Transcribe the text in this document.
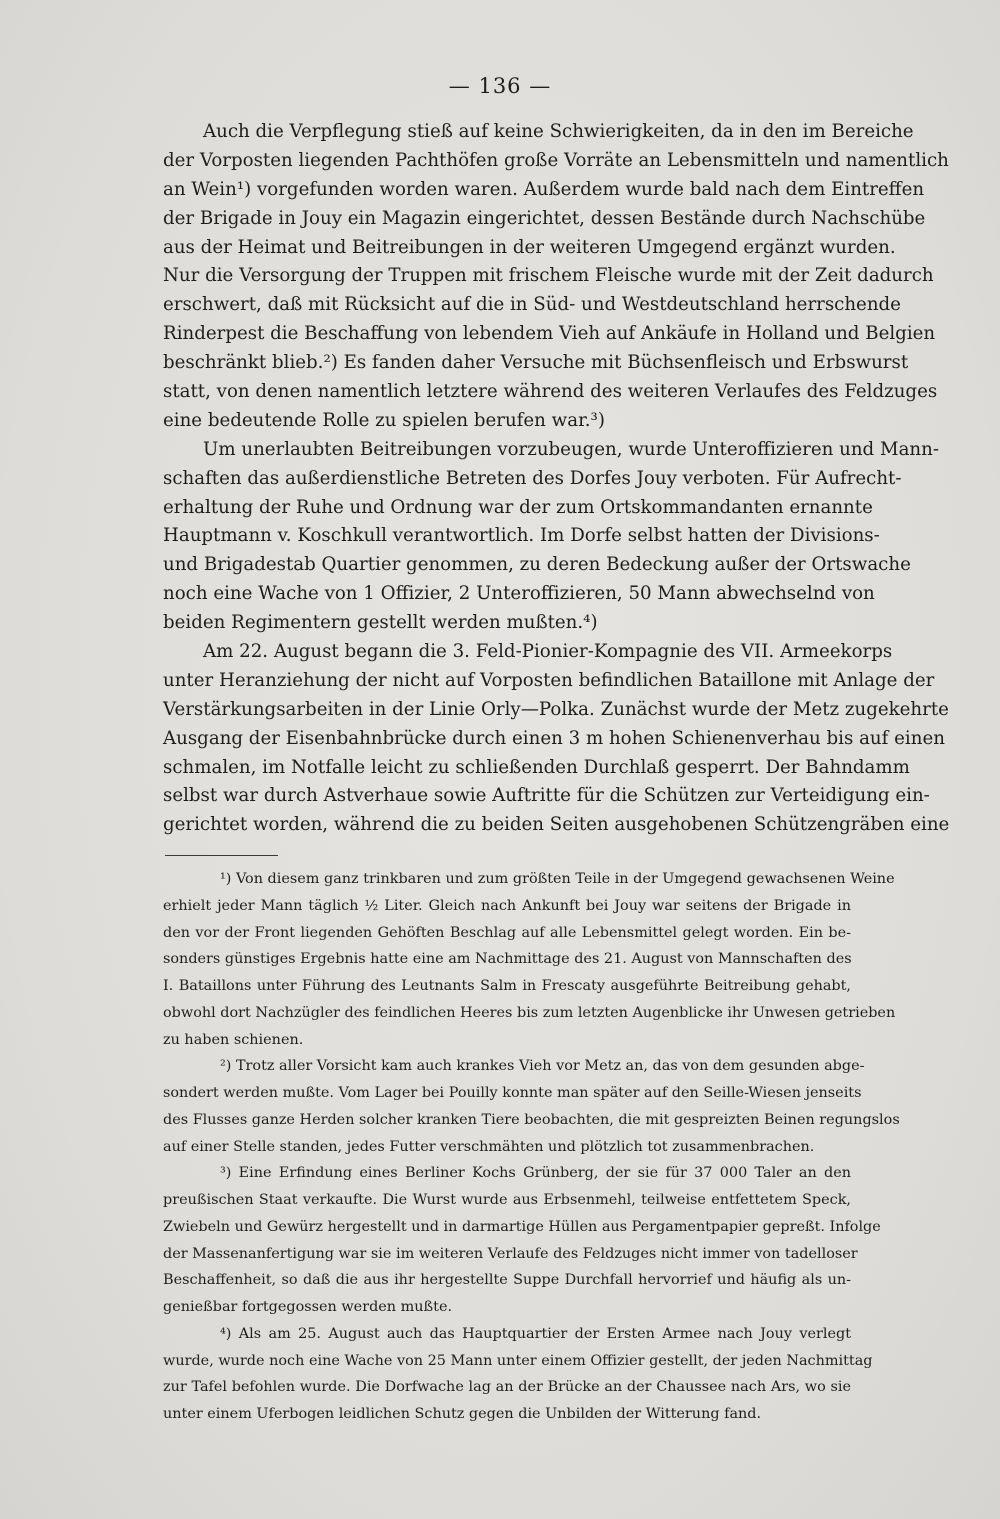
— 136 —
Auch die Verpflegung stieß auf keine Schwierigkeiten, da in den im Bereiche
der Vorposten liegenden Pachthöfen große Vorräte an Lebensmitteln und namentlich
an Wein¹) vorgefunden worden waren. Außerdem wurde bald nach dem Eintreffen
der Brigade in Jouy ein Magazin eingerichtet, dessen Bestände durch Nachschübe
aus der Heimat und Beitreibungen in der weiteren Umgegend ergänzt wurden.
Nur die Versorgung der Truppen mit frischem Fleische wurde mit der Zeit dadurch
erschwert, daß mit Rücksicht auf die in Süd- und Westdeutschland herrschende
Rinderpest die Beschaffung von lebendem Vieh auf Ankäufe in Holland und Belgien
beschränkt blieb.²) Es fanden daher Versuche mit Büchsenfleisch und Erbswurst
statt, von denen namentlich letztere während des weiteren Verlaufes des Feldzuges
eine bedeutende Rolle zu spielen berufen war.³)
Um unerlaubten Beitreibungen vorzubeugen, wurde Unteroffizieren und Mann-
schaften das außerdienstliche Betreten des Dorfes Jouy verboten. Für Aufrecht-
erhaltung der Ruhe und Ordnung war der zum Ortskommandanten ernannte
Hauptmann v. Koschkull verantwortlich. Im Dorfe selbst hatten der Divisions-
und Brigadestab Quartier genommen, zu deren Bedeckung außer der Ortswache
noch eine Wache von 1 Offizier, 2 Unteroffizieren, 50 Mann abwechselnd von
beiden Regimentern gestellt werden mußten.⁴)
Am 22. August begann die 3. Feld-Pionier-Kompagnie des VII. Armeekorps
unter Heranziehung der nicht auf Vorposten befindlichen Bataillone mit Anlage der
Verstärkungsarbeiten in der Linie Orly—Polka. Zunächst wurde der Metz zugekehrte
Ausgang der Eisenbahnbrücke durch einen 3 m hohen Schienenverhau bis auf einen
schmalen, im Notfalle leicht zu schließenden Durchlaß gesperrt. Der Bahndamm
selbst war durch Astverhaue sowie Auftritte für die Schützen zur Verteidigung ein-
gerichtet worden, während die zu beiden Seiten ausgehobenen Schützengräben eine
¹) Von diesem ganz trinkbaren und zum größten Teile in der Umgegend gewachsenen Weine
erhielt jeder Mann täglich ½ Liter. Gleich nach Ankunft bei Jouy war seitens der Brigade in
den vor der Front liegenden Gehöften Beschlag auf alle Lebensmittel gelegt worden. Ein be-
sonders günstiges Ergebnis hatte eine am Nachmittage des 21. August von Mannschaften des
I. Bataillons unter Führung des Leutnants Salm in Frescaty ausgeführte Beitreibung gehabt,
obwohl dort Nachzügler des feindlichen Heeres bis zum letzten Augenblicke ihr Unwesen getrieben
zu haben schienen.
²) Trotz aller Vorsicht kam auch krankes Vieh vor Metz an, das von dem gesunden abge-
sondert werden mußte. Vom Lager bei Pouilly konnte man später auf den Seille-Wiesen jenseits
des Flusses ganze Herden solcher kranken Tiere beobachten, die mit gespreizten Beinen regungslos
auf einer Stelle standen, jedes Futter verschmähten und plötzlich tot zusammenbrachen.
³) Eine Erfindung eines Berliner Kochs Grünberg, der sie für 37 000 Taler an den
preußischen Staat verkaufte. Die Wurst wurde aus Erbsenmehl, teilweise entfettetem Speck,
Zwiebeln und Gewürz hergestellt und in darmartige Hüllen aus Pergamentpapier gepreßt. Infolge
der Massenanfertigung war sie im weiteren Verlaufe des Feldzuges nicht immer von tadelloser
Beschaffenheit, so daß die aus ihr hergestellte Suppe Durchfall hervorrief und häufig als un-
genießbar fortgegossen werden mußte.
⁴) Als am 25. August auch das Hauptquartier der Ersten Armee nach Jouy verlegt
wurde, wurde noch eine Wache von 25 Mann unter einem Offizier gestellt, der jeden Nachmittag
zur Tafel befohlen wurde. Die Dorfwache lag an der Brücke an der Chaussee nach Ars, wo sie
unter einem Uferbogen leidlichen Schutz gegen die Unbilden der Witterung fand.
